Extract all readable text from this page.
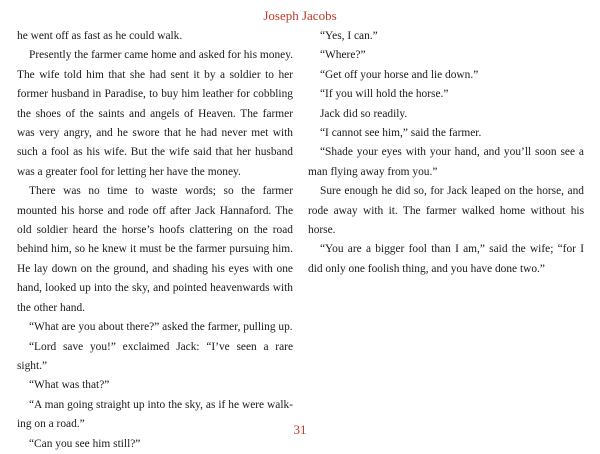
Joseph Jacobs

he went off as fast as he could walk.

Presently the farmer came home and asked for his money. The wife told him that she had sent it by a soldier to her former husband in Paradise, to buy him leather for cobbling the shoes of the saints and angels of Heaven. The farmer was very angry, and he swore that he had never met with such a fool as his wife. But the wife said that her husband was a greater fool for letting her have the money.

There was no time to waste words; so the farmer mounted his horse and rode off after Jack Hannaford. The old soldier heard the horse’s hoofs clattering on the road behind him, so he knew it must be the farmer pursuing him. He lay down on the ground, and shading his eyes with one hand, looked up into the sky, and pointed heavenwards with the other hand.

“What are you about there?” asked the farmer, pulling up.

“Lord save you!” exclaimed Jack: “I’ve seen a rare sight.”

“What was that?”

“A man going straight up into the sky, as if he were walking on a road.”

“Can you see him still?”

“Yes, I can.”

“Where?”

“Get off your horse and lie down.”

“If you will hold the horse.”

Jack did so readily.

“I cannot see him,” said the farmer.

“Shade your eyes with your hand, and you’ll soon see a man flying away from you.”

Sure enough he did so, for Jack leaped on the horse, and rode away with it. The farmer walked home without his horse.

“You are a bigger fool than I am,” said the wife; “for I did only one foolish thing, and you have done two.”

31
